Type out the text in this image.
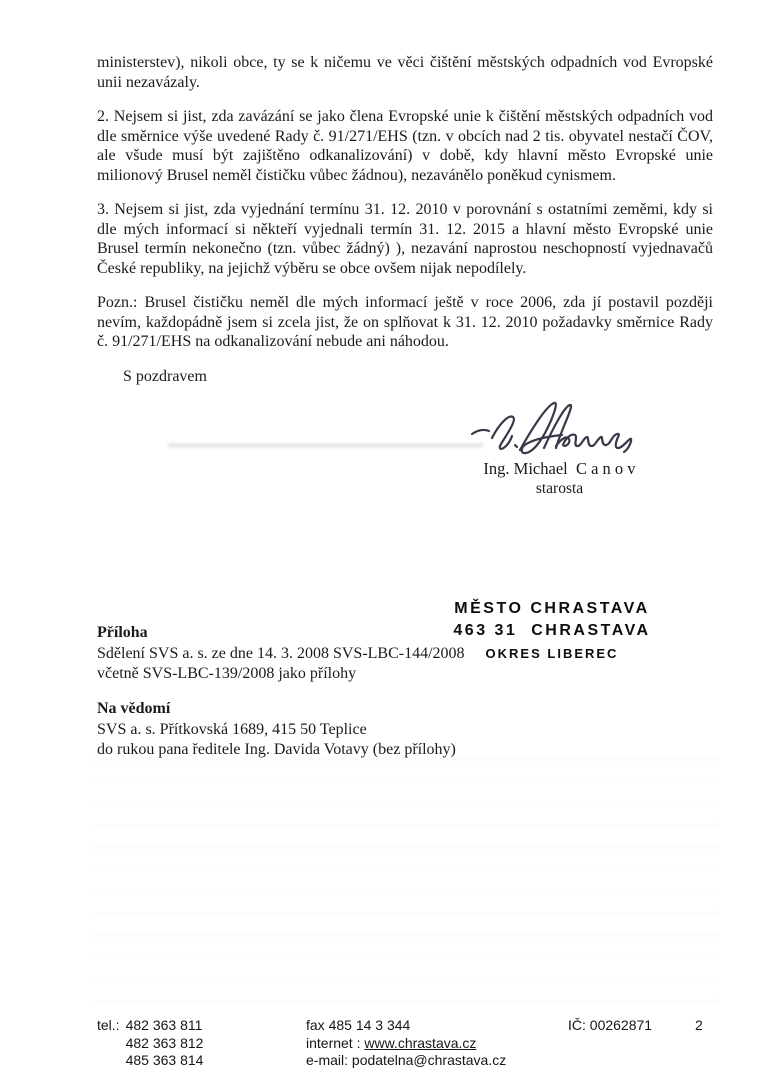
ministerstev), nikoli obce, ty se k ničemu ve věci čištění městských odpadních vod Evropské unii nezavázaly.

2. Nejsem si jist, zda zavázání se jako člena Evropské unie k čištění městských odpadních vod dle směrnice výše uvedené Rady č. 91/271/EHS (tzn. v obcích nad 2 tis. obyvatel nestačí ČOV, ale všude musí být zajištěno odkanalizování) v době, kdy hlavní město Evropské unie milionový Brusel neměl čističku vůbec žádnou), nezavánělo poněkud cynismem.

3. Nejsem si jist, zda vyjednání termínu 31. 12. 2010 v porovnání s ostatními zeměmi, kdy si dle mých informací si někteří vyjednali termín 31. 12. 2015 a hlavní město Evropské unie Brusel termín nekonečno (tzn. vůbec žádný) ), nezavání naprostou neschopností vyjednavačů České republiky, na jejichž výběru se obce ovšem nijak nepodílely.

Pozn.: Brusel čističku neměl dle mých informací ještě v roce 2006, zda jí postavil později nevím, každopádně jsem si zcela jist, že on splňovat k 31. 12. 2010 požadavky směrnice Rady č. 91/271/EHS na odkanalizování nebude ani náhodou.

S pozdravem

Ing. Michael  C a n o v
starosta
MĚSTO CHRASTAVA
463 31  CHRASTAVA
OKRES LIBEREC
Příloha
Sdělení SVS a. s. ze dne 14. 3. 2008 SVS-LBC-144/2008
včetně SVS-LBC-139/2008 jako přílohy
Na vědomí
SVS a. s. Přítkovská 1689, 415 50 Teplice
do rukou pana ředitele Ing. Davida Votavy (bez přílohy)
tel.: 482 363 811
482 363 812
485 363 814
fax 485 14 3 344
internet : www.chrastava.cz
e-mail: podatelna@chrastava.cz
IČ: 00262871	2
